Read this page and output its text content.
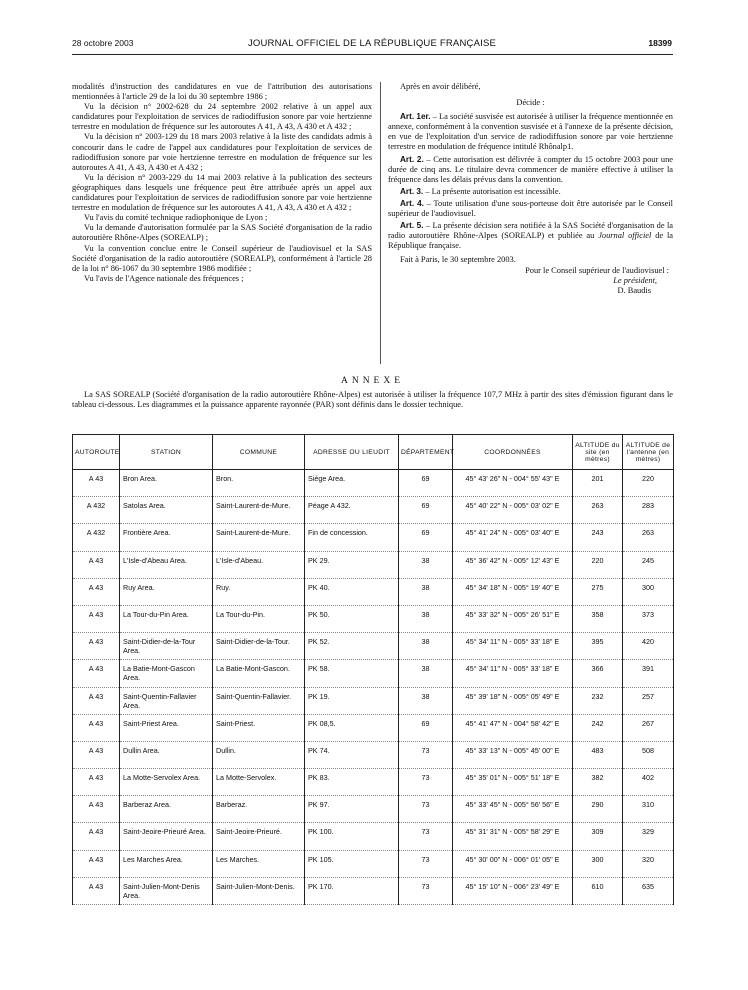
28 octobre 2003	JOURNAL OFFICIEL DE LA RÉPUBLIQUE FRANÇAISE	18399

modalités d'instruction des candidatures en vue de l'attribution des autorisations mentionnées à l'article 29 de la loi du 30 septembre 1986 ;

Vu la décision n° 2002-628 du 24 septembre 2002 relative à un appel aux candidatures pour l'exploitation de services de radiodiffusion sonore par voie hertzienne terrestre en modulation de fréquence sur les autoroutes A 41, A 43, A 430 et A 432 ;

Vu la décision n° 2003-129 du 18 mars 2003 relative à la liste des candidats admis à concourir dans le cadre de l'appel aux candidatures pour l'exploitation de services de radiodiffusion sonore par voie hertzienne terrestre en modulation de fréquence sur les autoroutes A 41, A 43, A 430 et A 432 ;

Vu la décision n° 2003-229 du 14 mai 2003 relative à la publication des secteurs géographiques dans lesquels une fréquence peut être attribuée après un appel aux candidatures pour l'exploitation de services de radiodiffusion sonore par voie hertzienne terrestre en modulation de fréquence sur les autoroutes A 41, A 43, A 430 et A 432 ;

Vu l'avis du comité technique radiophonique de Lyon ;

Vu la demande d'autorisation formulée par la SAS Société d'organisation de la radio autoroutière Rhône-Alpes (SOREALP) ;

Vu la convention conclue entre le Conseil supérieur de l'audiovisuel et la SAS Société d'organisation de la radio autoroutière (SOREALP), conformément à l'article 28 de la loi n° 86-1067 du 30 septembre 1986 modifiée ;

Vu l'avis de l'Agence nationale des fréquences ;

Après en avoir délibéré,

Décide :

Art. 1er. – La société susvisée est autorisée à utiliser la fréquence mentionnée en annexe, conformément à la convention susvisée et à l'annexe de la présente décision, en vue de l'exploitation d'un service de radiodiffusion sonore par voie hertzienne terrestre en modulation de fréquence intitulé Rhônalp1.

Art. 2. – Cette autorisation est délivrée à compter du 15 octobre 2003 pour une durée de cinq ans. Le titulaire devra commencer de manière effective à utiliser la fréquence dans les délais prévus dans la convention.

Art. 3. – La présente autorisation est incessible.

Art. 4. – Toute utilisation d'une sous-porteuse doit être autorisée par le Conseil supérieur de l'audiovisuel.

Art. 5. – La présente décision sera notifiée à la SAS Société d'organisation de la radio autoroutière Rhône-Alpes (SOREALP) et publiée au Journal officiel de la République française.

Fait à Paris, le 30 septembre 2003.

Pour le Conseil supérieur de l'audiovisuel :
Le président,
D. Baudis
ANNEXE
La SAS SOREALP (Société d'organisation de la radio autoroutière Rhône-Alpes) est autorisée à utiliser la fréquence 107,7 MHz à partir des sites d'émission figurant dans le tableau ci-dessous. Les diagrammes et la puissance apparente rayonnée (PAR) sont définis dans le dossier technique.
AUTOROUTE	STATION	COMMUNE	ADRESSE OU LIEUDIT	DÉPARTEMENT	COORDONNÉES	ALTITUDE du site (en mètres)	ALTITUDE de l'antenne (en mètres)
A 43	Bron Area.	Bron.	Siège Area.	69	45° 43' 26" N - 004° 55' 43" E	201	220
A 432	Satolas Area.	Saint-Laurent-de-Mure.	Péage A 432.	69	45° 40' 22" N - 005° 03' 02" E	263	283
A 432	Frontière Area.	Saint-Laurent-de-Mure.	Fin de concession.	69	45° 41' 24" N - 005° 03' 40" E	243	263
A 43	L'Isle-d'Abeau Area.	L'Isle-d'Abeau.	PK 29.	38	45° 36' 42" N - 005° 12' 43" E	220	245
A 43	Ruy Area.	Ruy.	PK 40.	38	45° 34' 18" N - 005° 19' 40" E	275	300
A 43	La Tour-du-Pin Area.	La Tour-du-Pin.	PK 50.	38	45° 33' 32" N - 005° 26' 51" E	358	373
A 43	Saint-Didier-de-la-Tour Area.	Saint-Didier-de-la-Tour.	PK 52.	38	45° 34' 11" N - 005° 33' 18" E	395	420
A 43	La Batie-Mont-Gascon Area.	La Batie-Mont-Gascon.	PK 58.	38	45° 34' 11" N - 005° 33' 18" E	366	391
A 43	Saint-Quentin-Fallavier Area.	Saint-Quentin-Fallavier.	PK 19.	38	45° 39' 18" N - 005° 05' 49" E	232	257
A 43	Saint-Priest Area.	Saint-Priest.	PK 08,5.	69	45° 41' 47" N - 004° 58' 42" E	242	267
A 43	Dullin Area.	Dullin.	PK 74.	73	45° 33' 13" N - 005° 45' 00" E	483	508
A 43	La Motte-Servolex Area.	La Motte-Servolex.	PK 83.	73	45° 35' 01" N - 005° 51' 18" E	382	402
A 43	Barberaz Area.	Barberaz.	PK 97.	73	45° 33' 45" N - 005° 56' 56" E	290	310
A 43	Saint-Jeoire-Prieuré Area.	Saint-Jeoire-Prieuré.	PK 100.	73	45° 31' 31" N - 005° 58' 29" E	309	329
A 43	Les Marches Area.	Les Marches.	PK 105.	73	45° 30' 00" N - 006° 01' 05" E	300	320
A 43	Saint-Julien-Mont-Denis Area.	Saint-Julien-Mont-Denis.	PK 170.	73	45° 15' 10" N - 006° 23' 49" E	610	635
